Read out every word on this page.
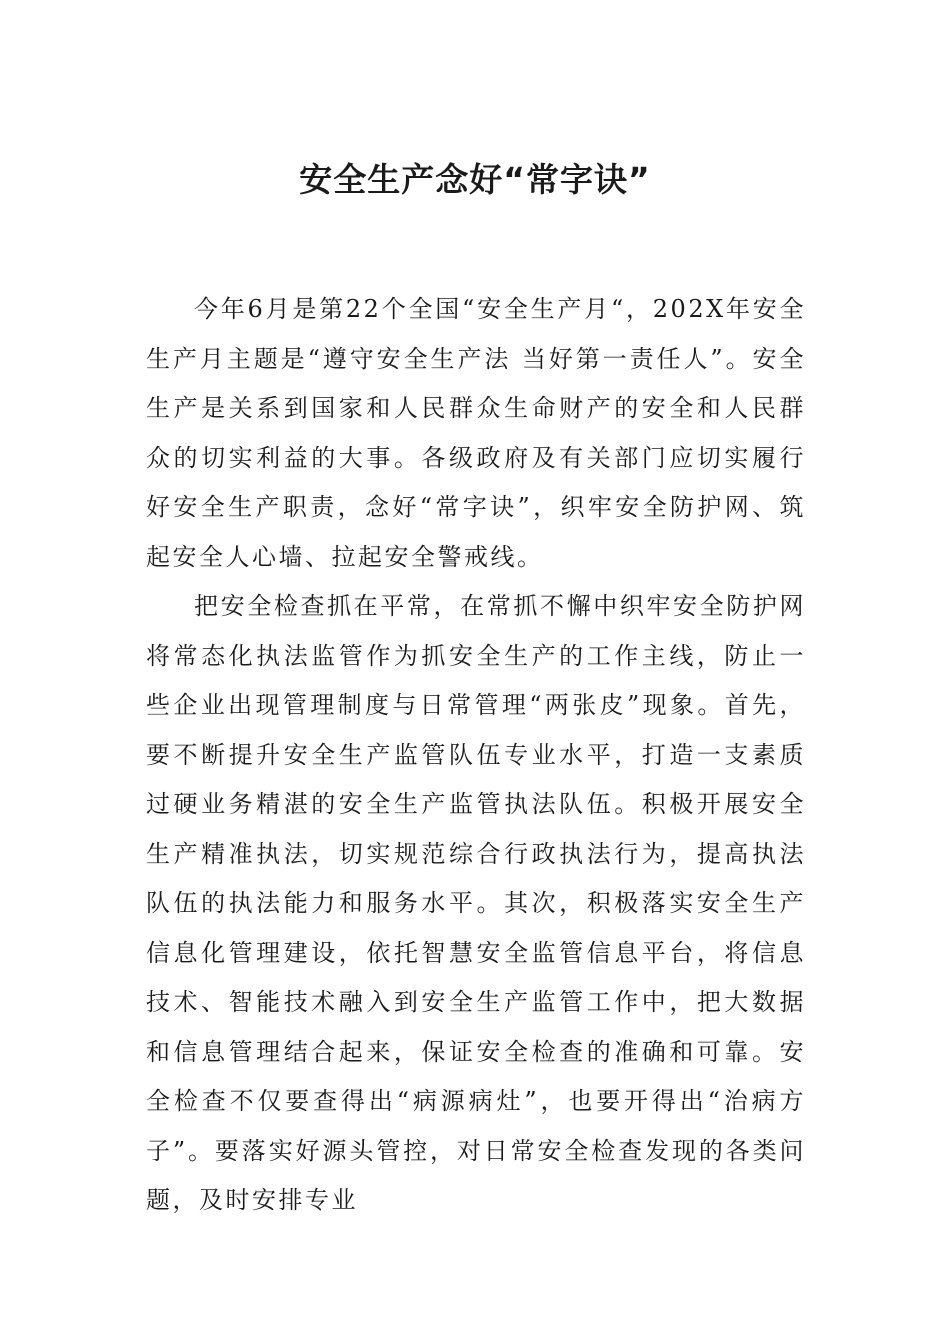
安全生产念好“常字诀”

今年6月是第22个全国“安全生产月“，202X年安全生产月主题是“遵守安全生产法 当好第一责任人”。安全生产是关系到国家和人民群众生命财产的安全和人民群众的切实利益的大事。各级政府及有关部门应切实履行好安全生产职责，念好“常字诀”，织牢安全防护网、筑起安全人心墙、拉起安全警戒线。

把安全检查抓在平常，在常抓不懈中织牢安全防护网将常态化执法监管作为抓安全生产的工作主线，防止一些企业出现管理制度与日常管理“两张皮”现象。首先，要不断提升安全生产监管队伍专业水平，打造一支素质过硬业务精湛的安全生产监管执法队伍。积极开展安全生产精准执法，切实规范综合行政执法行为，提高执法队伍的执法能力和服务水平。其次，积极落实安全生产信息化管理建设，依托智慧安全监管信息平台，将信息技术、智能技术融入到安全生产监管工作中，把大数据和信息管理结合起来，保证安全检查的准确和可靠。安全检查不仅要查得出“病源病灶”，也要开得出“治病方子”。要落实好源头管控，对日常安全检查发现的各类问题，及时安排专业
